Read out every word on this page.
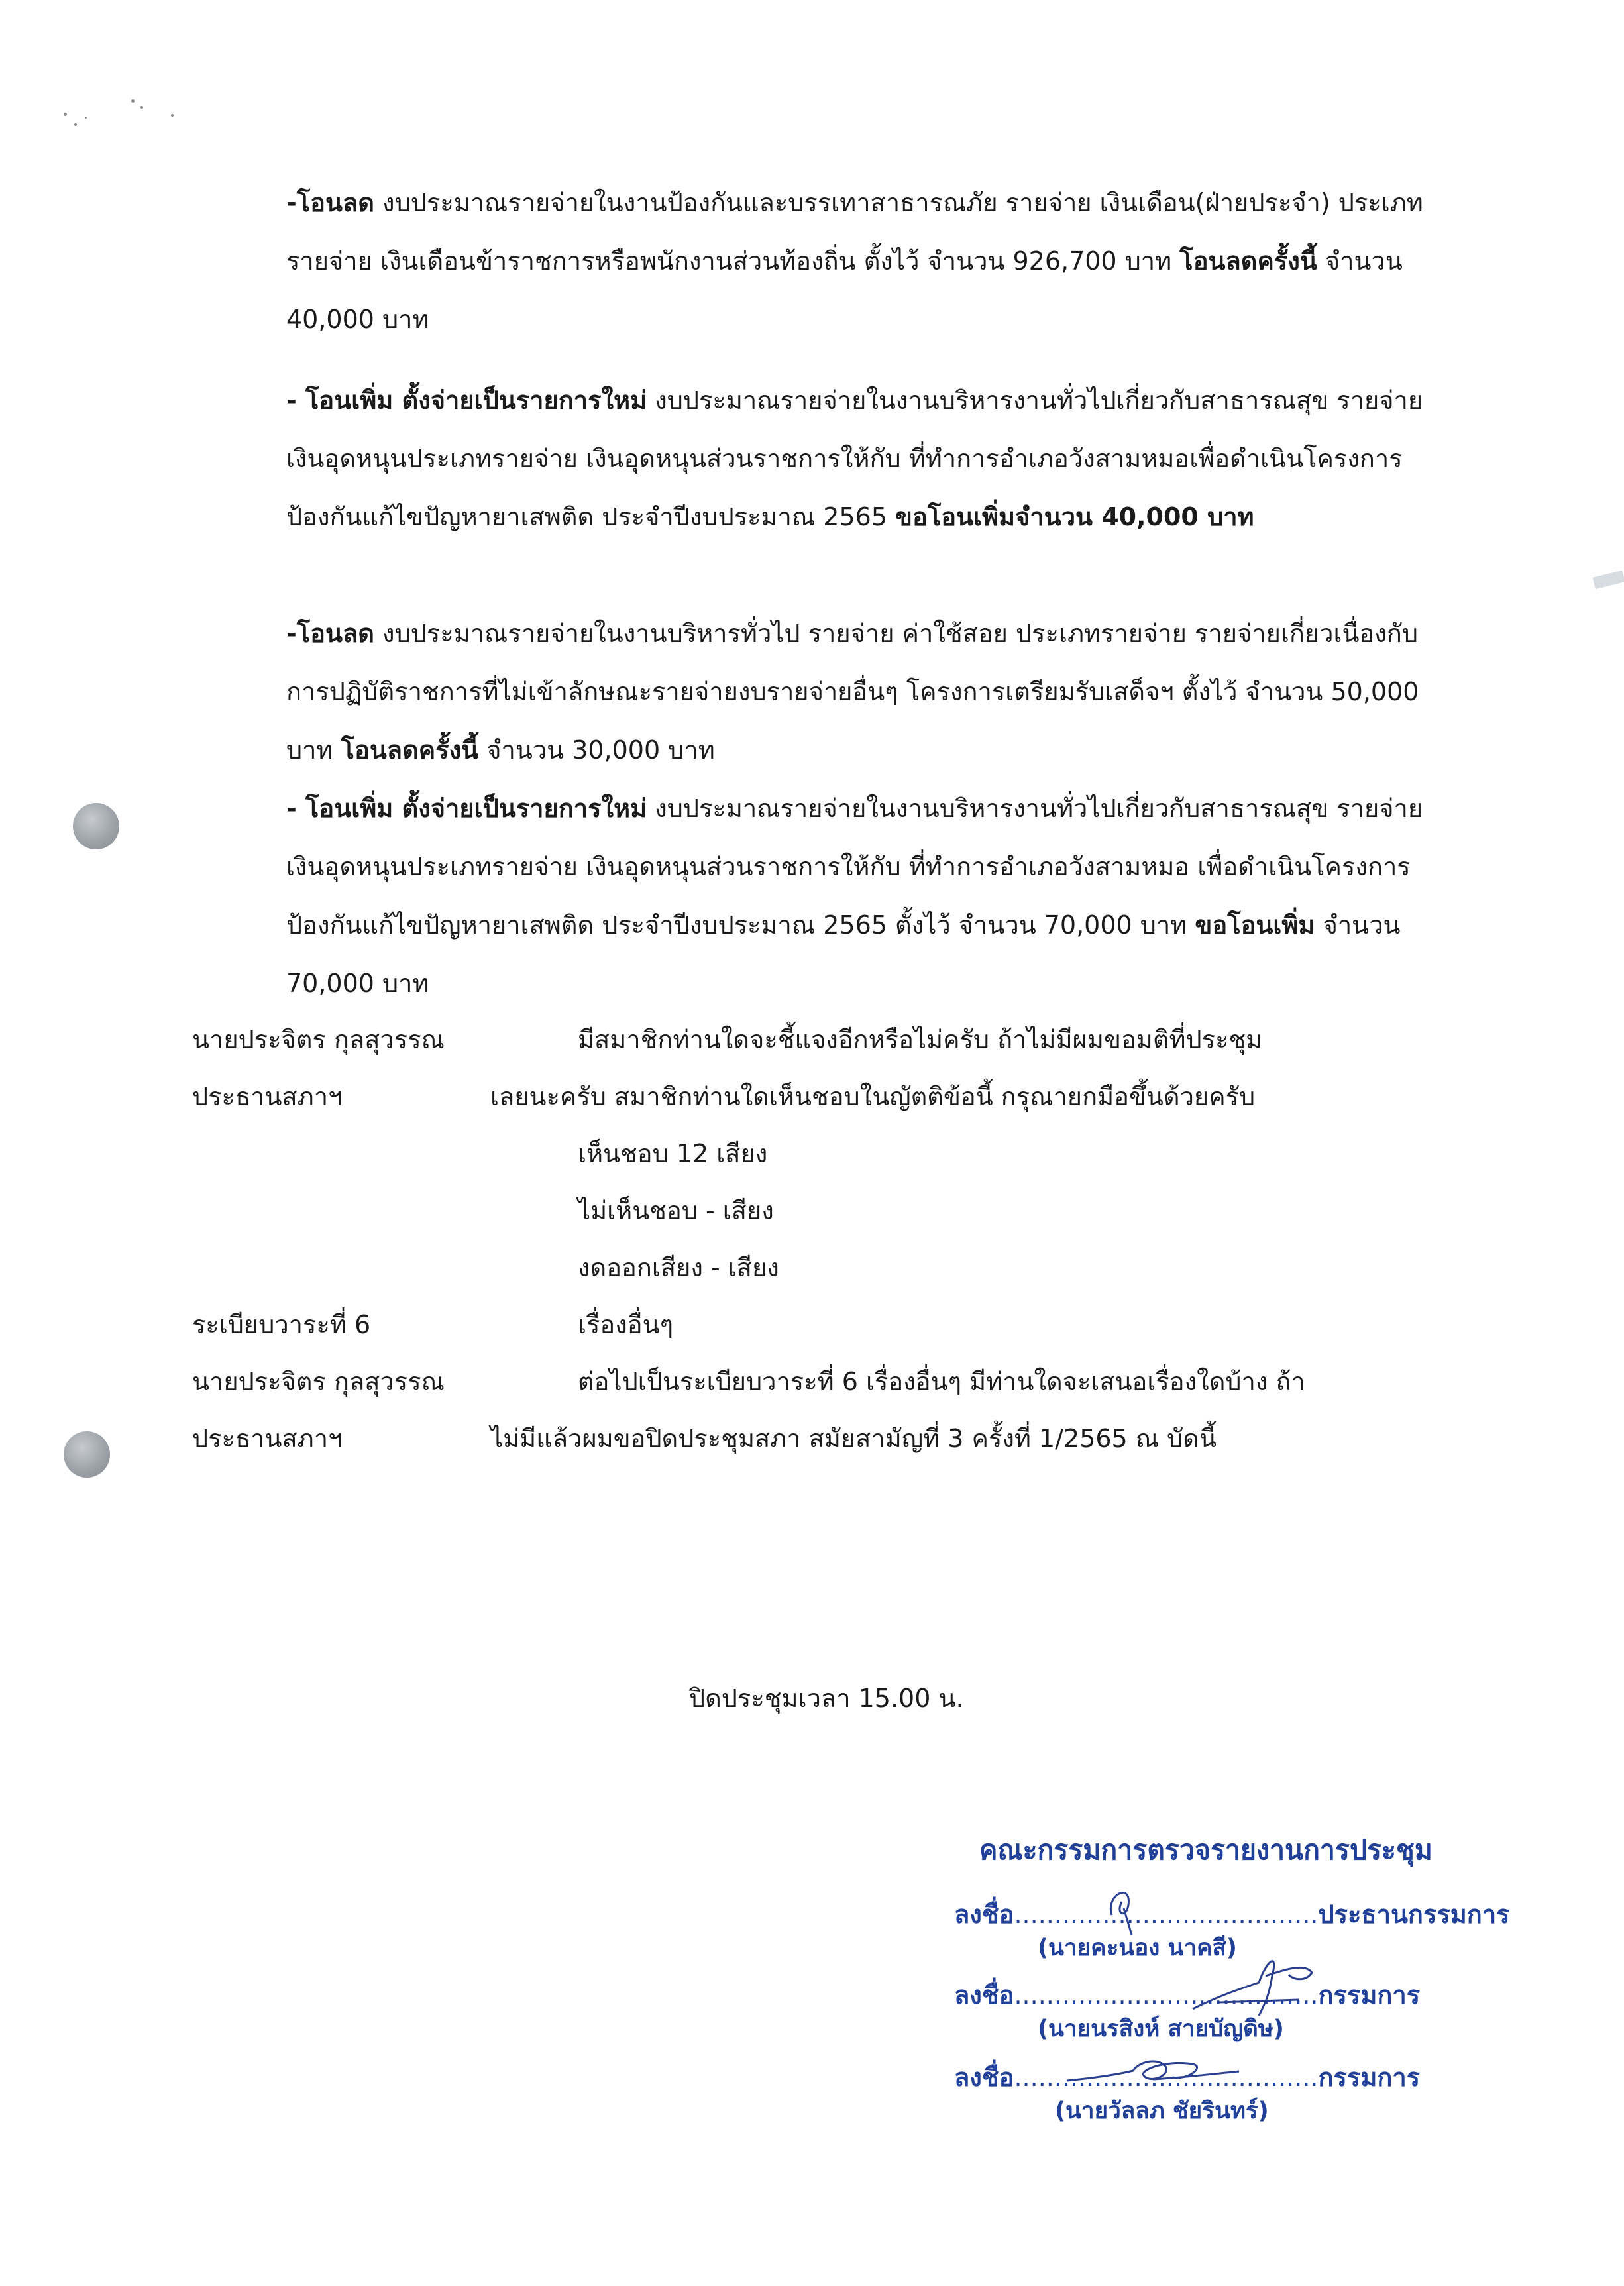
-โอนลด งบประมาณรายจ่ายในงานป้องกันและบรรเทาสาธารณภัย รายจ่าย เงินเดือน(ฝ่ายประจำ) ประเภทรายจ่าย เงินเดือนข้าราชการหรือพนักงานส่วนท้องถิ่น ตั้งไว้ จำนวน 926,700 บาท โอนลดครั้งนี้ จำนวน 40,000 บาท

- โอนเพิ่ม ตั้งจ่ายเป็นรายการใหม่ งบประมาณรายจ่ายในงานบริหารงานทั่วไปเกี่ยวกับสาธารณสุข รายจ่าย เงินอุดหนุนประเภทรายจ่าย เงินอุดหนุนส่วนราชการให้กับ ที่ทำการอำเภอวังสามหมอเพื่อดำเนินโครงการป้องกันแก้ไขปัญหายาเสพติด ประจำปีงบประมาณ 2565 ขอโอนเพิ่มจำนวน 40,000 บาท

-โอนลด งบประมาณรายจ่ายในงานบริหารทั่วไป รายจ่าย ค่าใช้สอย ประเภทรายจ่าย รายจ่ายเกี่ยวเนื่องกับการปฏิบัติราชการที่ไม่เข้าลักษณะรายจ่ายงบรายจ่ายอื่นๆ โครงการเตรียมรับเสด็จฯ ตั้งไว้ จำนวน 50,000 บาท โอนลดครั้งนี้ จำนวน 30,000 บาท

- โอนเพิ่ม ตั้งจ่ายเป็นรายการใหม่ งบประมาณรายจ่ายในงานบริหารงานทั่วไปเกี่ยวกับสาธารณสุข รายจ่าย เงินอุดหนุนประเภทรายจ่าย เงินอุดหนุนส่วนราชการให้กับ ที่ทำการอำเภอวังสามหมอ เพื่อดำเนินโครงการป้องกันแก้ไขปัญหายาเสพติด ประจำปีงบประมาณ 2565 ตั้งไว้ จำนวน 70,000 บาท ขอโอนเพิ่ม จำนวน 70,000 บาท

นายประจิตร กุลสุวรรณ	มีสมาชิกท่านใดจะชี้แจงอีกหรือไม่ครับ ถ้าไม่มีผมขอมติที่ประชุม

ประธานสภาฯ	เลยนะครับ สมาชิกท่านใดเห็นชอบในญัตติข้อนี้ กรุณายกมือขึ้นด้วยครับ

เห็นชอบ 12 เสียง

ไม่เห็นชอบ - เสียง

งดออกเสียง - เสียง

ระเบียบวาระที่ 6	เรื่องอื่นๆ

นายประจิตร กุลสุวรรณ	ต่อไปเป็นระเบียบวาระที่ 6 เรื่องอื่นๆ มีท่านใดจะเสนอเรื่องใดบ้าง ถ้า

ประธานสภาฯ	ไม่มีแล้วผมขอปิดประชุมสภา สมัยสามัญที่ 3 ครั้งที่ 1/2565 ณ บัดนี้

ปิดประชุมเวลา 15.00 น.

คณะกรรมการตรวจรายงานการประชุม
ลงชื่อ......................................ประธานกรรมการ
(นายคะนอง นาคสี)
ลงชื่อ......................................กรรมการ
(นายนรสิงห์ สายบัญดิษ)
ลงชื่อ......................................กรรมการ
(นายวัลลภ ชัยรินทร์)
